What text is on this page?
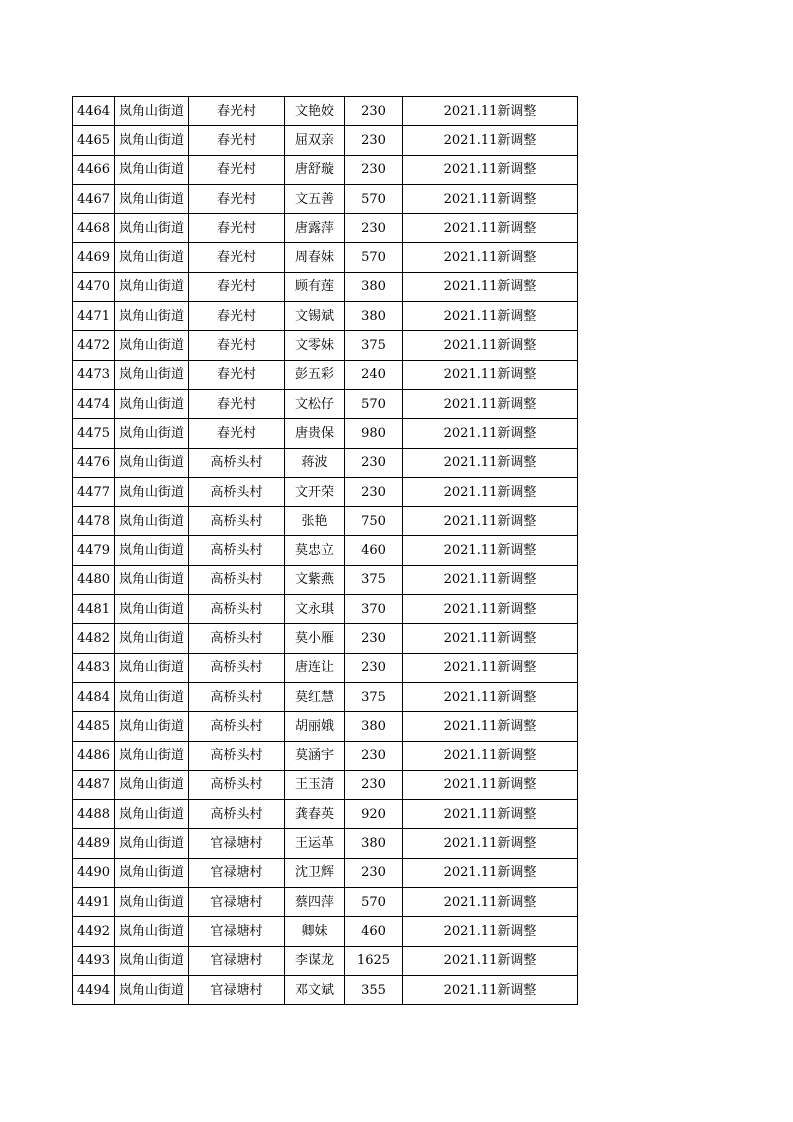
4464	岚角山街道	春光村	文艳姣	230	2021.11新调整
4465	岚角山街道	春光村	屈双亲	230	2021.11新调整
4466	岚角山街道	春光村	唐舒璇	230	2021.11新调整
4467	岚角山街道	春光村	文五善	570	2021.11新调整
4468	岚角山街道	春光村	唐露萍	230	2021.11新调整
4469	岚角山街道	春光村	周春妹	570	2021.11新调整
4470	岚角山街道	春光村	顾有莲	380	2021.11新调整
4471	岚角山街道	春光村	文锡斌	380	2021.11新调整
4472	岚角山街道	春光村	文零妹	375	2021.11新调整
4473	岚角山街道	春光村	彭五彩	240	2021.11新调整
4474	岚角山街道	春光村	文松仔	570	2021.11新调整
4475	岚角山街道	春光村	唐贵保	980	2021.11新调整
4476	岚角山街道	高桥头村	蒋波	230	2021.11新调整
4477	岚角山街道	高桥头村	文开荣	230	2021.11新调整
4478	岚角山街道	高桥头村	张艳	750	2021.11新调整
4479	岚角山街道	高桥头村	莫忠立	460	2021.11新调整
4480	岚角山街道	高桥头村	文紫燕	375	2021.11新调整
4481	岚角山街道	高桥头村	文永琪	370	2021.11新调整
4482	岚角山街道	高桥头村	莫小雁	230	2021.11新调整
4483	岚角山街道	高桥头村	唐连让	230	2021.11新调整
4484	岚角山街道	高桥头村	莫红慧	375	2021.11新调整
4485	岚角山街道	高桥头村	胡丽娥	380	2021.11新调整
4486	岚角山街道	高桥头村	莫涵宇	230	2021.11新调整
4487	岚角山街道	高桥头村	王玉清	230	2021.11新调整
4488	岚角山街道	高桥头村	龚春英	920	2021.11新调整
4489	岚角山街道	官禄塘村	王运革	380	2021.11新调整
4490	岚角山街道	官禄塘村	沈卫辉	230	2021.11新调整
4491	岚角山街道	官禄塘村	蔡四萍	570	2021.11新调整
4492	岚角山街道	官禄塘村	卿妹	460	2021.11新调整
4493	岚角山街道	官禄塘村	李谋龙	1625	2021.11新调整
4494	岚角山街道	官禄塘村	邓文斌	355	2021.11新调整
